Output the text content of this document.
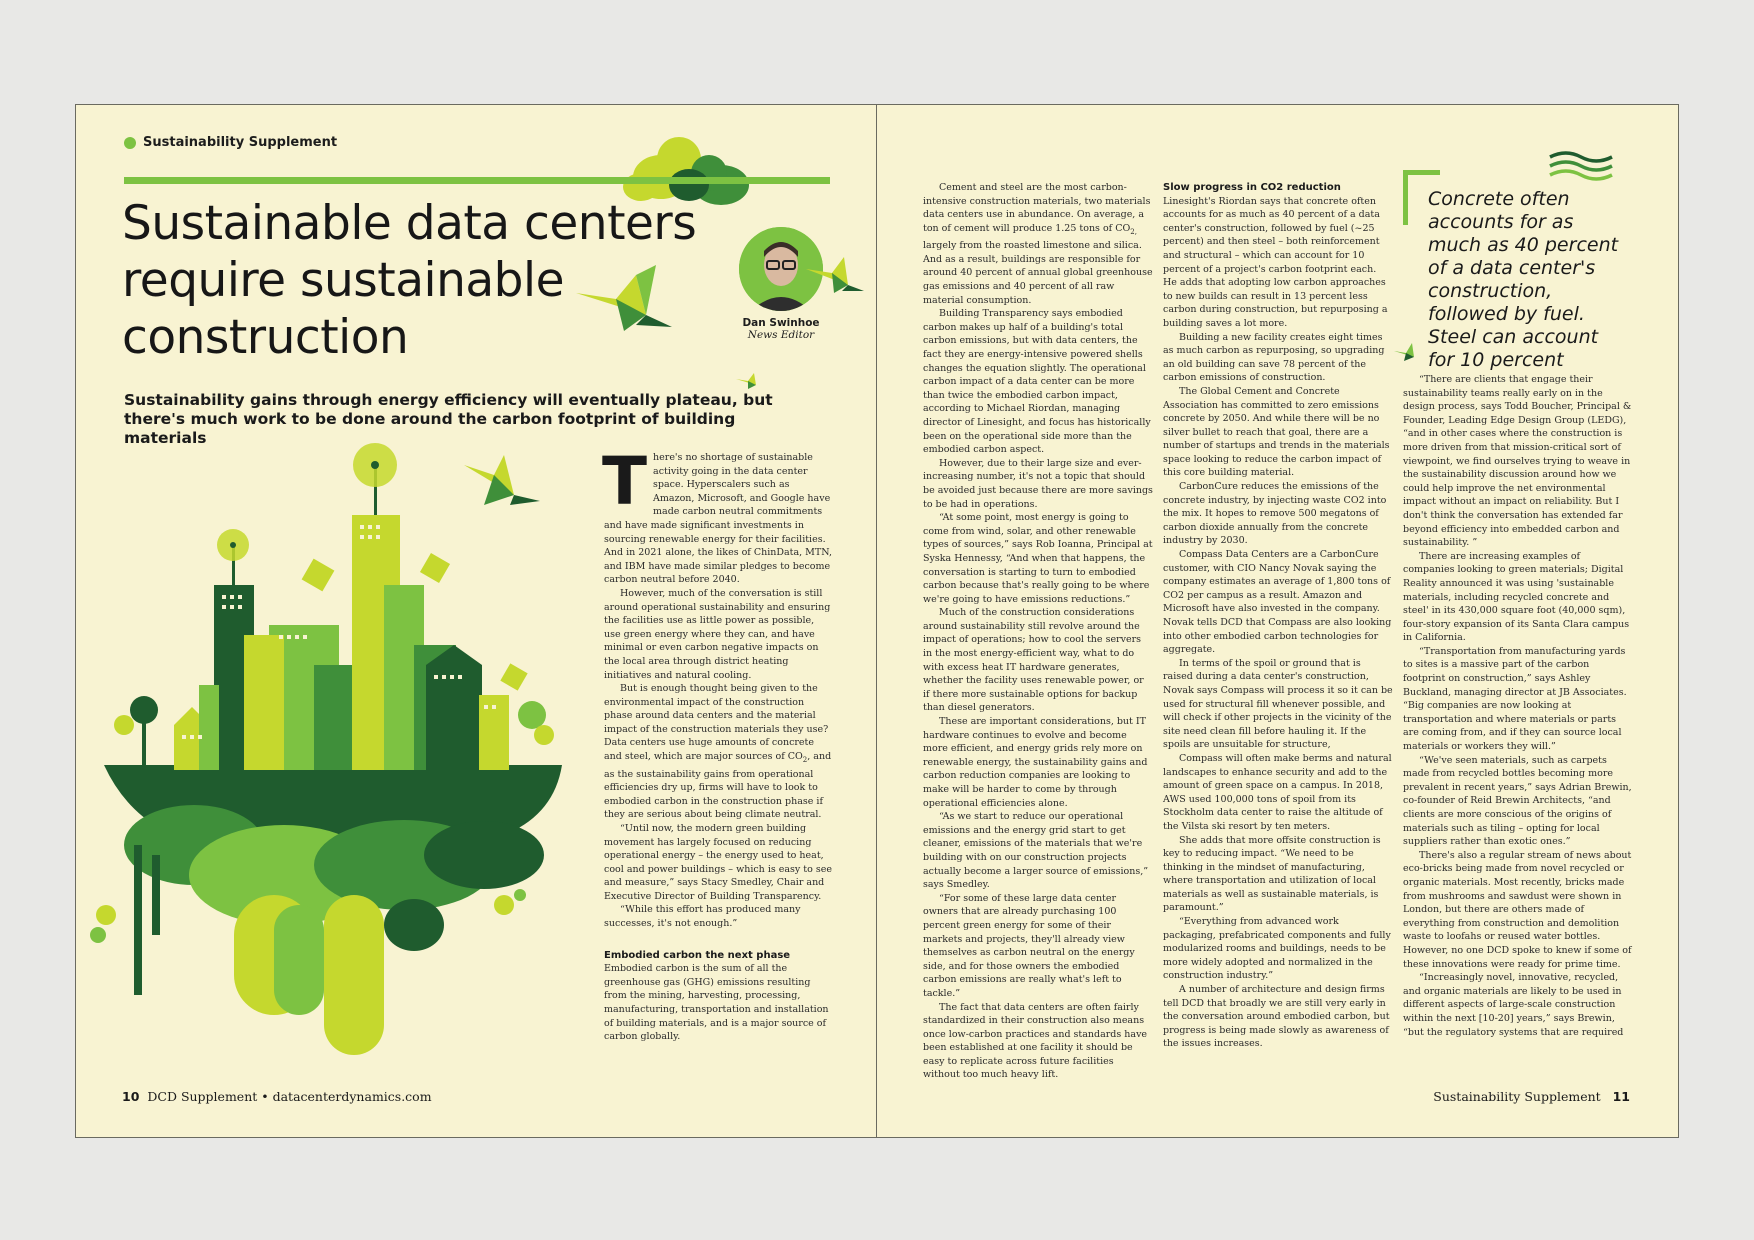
Sustainability Supplement
Sustainable data centers require sustainable construction	Dan Swinhoe
News Editor

Sustainability gains through energy efficiency will eventually plateau, but there's much work to be done around the carbon footprint of building materials

T here's no shortage of sustainable activity going in the data center space. Hyperscalers such as Amazon, Microsoft, and Google have made carbon neutral commitments and have made significant investments in sourcing renewable energy for their facilities. And in 2021 alone, the likes of ChinData, MTN, and IBM have made similar pledges to become carbon neutral before 2040.

However, much of the conversation is still around operational sustainability and ensuring the facilities use as little power as possible, use green energy where they can, and have minimal or even carbon negative impacts on the local area through district heating initiatives and natural cooling.

But is enough thought being given to the environmental impact of the construction phase around data centers and the material impact of the construction materials they use? Data centers use huge amounts of concrete and steel, which are major sources of $CO_2$, and as the sustainability gains from operational efficiencies dry up, firms will have to look to embodied carbon in the construction phase if they are serious about being climate neutral.

“Until now, the modern green building movement has largely focused on reducing operational energy – the energy used to heat, cool and power buildings – which is easy to see and measure,” says Stacy Smedley, Chair and Executive Director of Building Transparency.

“While this effort has produced many successes, it's not enough.”

Embodied carbon the next phase

Embodied carbon is the sum of all the greenhouse gas (GHG) emissions resulting from the mining, harvesting, processing, manufacturing, transportation and installation of building materials, and is a major source of carbon globally.

10 DCD Supplement • datacenterdynamics.com

Cement and steel are the most carbon-intensive construction materials, two materials data centers use in abundance. On average, a ton of cement will produce 1.25 tons of $CO_{2,}$ largely from the roasted limestone and silica. And as a result, buildings are responsible for around 40 percent of annual global greenhouse gas emissions and 40 percent of all raw material consumption.

Building Transparency says embodied carbon makes up half of a building's total carbon emissions, but with data centers, the fact they are energy-intensive powered shells changes the equation slightly. The operational carbon impact of a data center can be more than twice the embodied carbon impact, according to Michael Riordan, managing director of Linesight, and focus has historically been on the operational side more than the embodied carbon aspect.

However, due to their large size and ever-increasing number, it's not a topic that should be avoided just because there are more savings to be had in operations.

“At some point, most energy is going to come from wind, solar, and other renewable types of sources,” says Rob Ioanna, Principal at Syska Hennessy, “And when that happens, the conversation is starting to turn to embodied carbon because that's really going to be where we're going to have emissions reductions.”

Much of the construction considerations around sustainability still revolve around the impact of operations; how to cool the servers in the most energy-efficient way, what to do with excess heat IT hardware generates, whether the facility uses renewable power, or if there more sustainable options for backup than diesel generators.

These are important considerations, but IT hardware continues to evolve and become more efficient, and energy grids rely more on renewable energy, the sustainability gains and carbon reduction companies are looking to make will be harder to come by through operational efficiencies alone.

“As we start to reduce our operational emissions and the energy grid start to get cleaner, emissions of the materials that we're building with on our construction projects actually become a larger source of emissions,” says Smedley.

“For some of these large data center owners that are already purchasing 100 percent green energy for some of their markets and projects, they'll already view themselves as carbon neutral on the energy side, and for those owners the embodied carbon emissions are really what's left to tackle.”

The fact that data centers are often fairly standardized in their construction also means once low-carbon practices and standards have been established at one facility it should be easy to replicate across future facilities without too much heavy lift.

Slow progress in CO2 reduction

Linesight's Riordan says that concrete often accounts for as much as 40 percent of a data center's construction, followed by fuel (~25 percent) and then steel – both reinforcement and structural – which can account for 10 percent of a project's carbon footprint each. He adds that adopting low carbon approaches to new builds can result in 13 percent less carbon during construction, but repurposing a building saves a lot more.

Building a new facility creates eight times as much carbon as repurposing, so upgrading an old building can save 78 percent of the carbon emissions of construction.

The Global Cement and Concrete Association has committed to zero emissions concrete by 2050. And while there will be no silver bullet to reach that goal, there are a number of startups and trends in the materials space looking to reduce the carbon impact of this core building material.

CarbonCure reduces the emissions of the concrete industry, by injecting waste CO2 into the mix. It hopes to remove 500 megatons of carbon dioxide annually from the concrete industry by 2030.

Compass Data Centers are a CarbonCure customer, with CIO Nancy Novak saying the company estimates an average of 1,800 tons of CO2 per campus as a result. Amazon and Microsoft have also invested in the company. Novak tells DCD that Compass are also looking into other embodied carbon technologies for aggregate.

In terms of the spoil or ground that is raised during a data center's construction, Novak says Compass will process it so it can be used for structural fill whenever possible, and will check if other projects in the vicinity of the site need clean fill before hauling it. If the spoils are unsuitable for structure,

Compass will often make berms and natural landscapes to enhance security and add to the amount of green space on a campus. In 2018, AWS used 100,000 tons of spoil from its Stockholm data center to raise the altitude of the Vilsta ski resort by ten meters.

She adds that more offsite construction is key to reducing impact. “We need to be thinking in the mindset of manufacturing, where transportation and utilization of local materials as well as sustainable materials, is paramount.”

“Everything from advanced work packaging, prefabricated components and fully modularized rooms and buildings, needs to be more widely adopted and normalized in the construction industry.”

A number of architecture and design firms tell DCD that broadly we are still very early in the conversation around embodied carbon, but progress is being made slowly as awareness of the issues increases.

Concrete often accounts for as much as 40 percent of a data center's construction, followed by fuel. Steel can account for 10 percent

“There are clients that engage their sustainability teams really early on in the design process, says Todd Boucher, Principal & Founder, Leading Edge Design Group (LEDG), “and in other cases where the construction is more driven from that mission-critical sort of viewpoint, we find ourselves trying to weave in the sustainability discussion around how we could help improve the net environmental impact without an impact on reliability. But I don't think the conversation has extended far beyond efficiency into embedded carbon and sustainability. ”

There are increasing examples of companies looking to green materials; Digital Reality announced it was using 'sustainable materials, including recycled concrete and steel' in its 430,000 square foot (40,000 sqm), four-story expansion of its Santa Clara campus in California.

“Transportation from manufacturing yards to sites is a massive part of the carbon footprint on construction,” says Ashley Buckland, managing director at JB Associates. “Big companies are now looking at transportation and where materials or parts are coming from, and if they can source local materials or workers they will.”

“We've seen materials, such as carpets made from recycled bottles becoming more prevalent in recent years,” says Adrian Brewin, co-founder of Reid Brewin Architects, “and clients are more conscious of the origins of materials such as tiling – opting for local suppliers rather than exotic ones.”

There's also a regular stream of news about eco-bricks being made from novel recycled or organic materials. Most recently, bricks made from mushrooms and sawdust were shown in London, but there are others made of everything from construction and demolition waste to loofahs or reused water bottles. However, no one DCD spoke to knew if some of these innovations were ready for prime time.

“Increasingly novel, innovative, recycled, and organic materials are likely to be used in different aspects of large-scale construction within the next [10-20] years,” says Brewin, “but the regulatory systems that are required

Sustainability Supplement 11
